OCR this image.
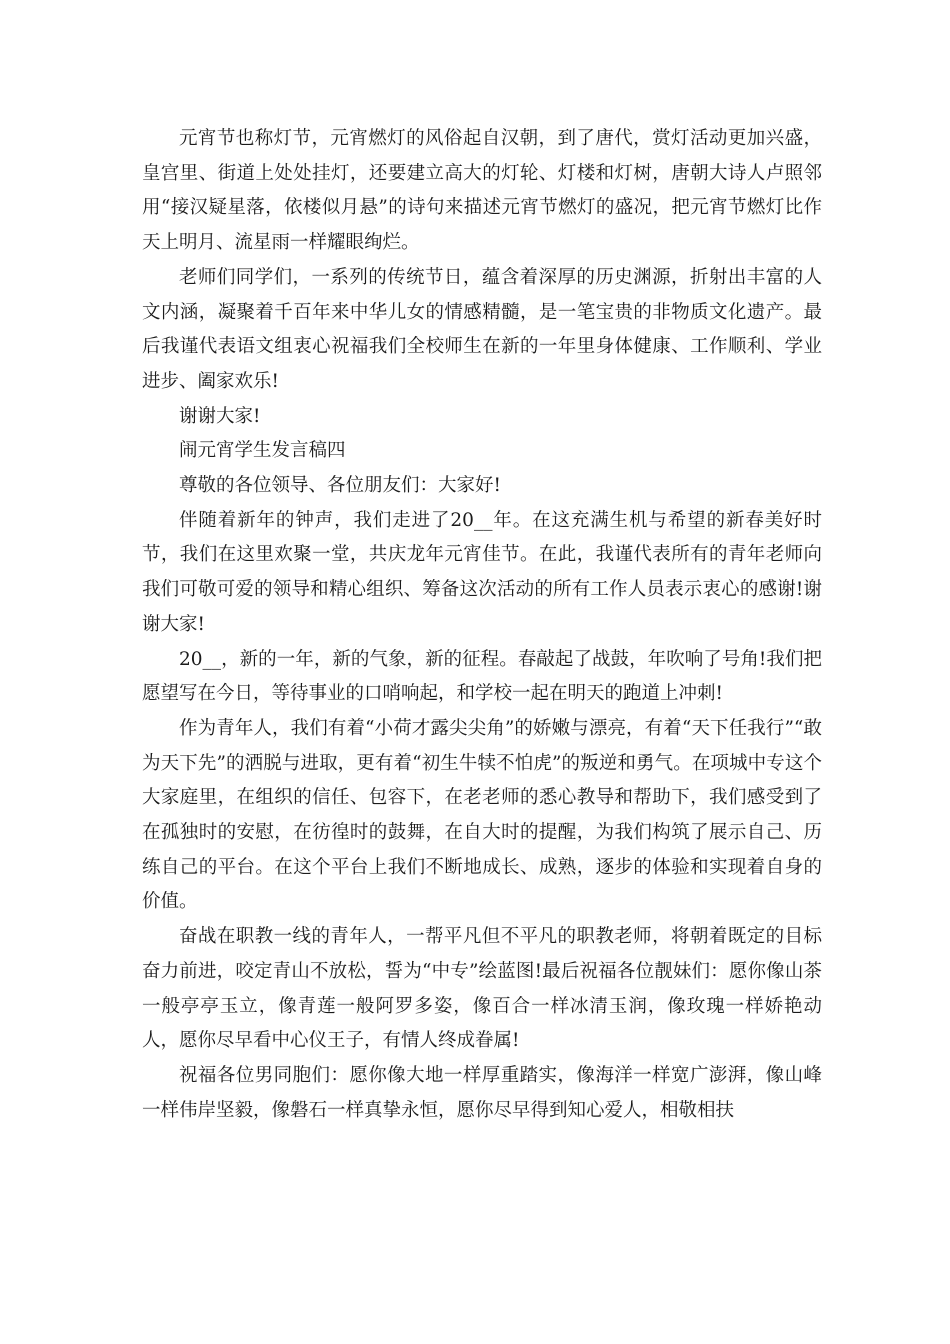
元宵节也称灯节，元宵燃灯的风俗起自汉朝，到了唐代，赏灯活动更加兴盛，皇宫里、街道上处处挂灯，还要建立高大的灯轮、灯楼和灯树，唐朝大诗人卢照邻用“接汉疑星落，依楼似月悬”的诗句来描述元宵节燃灯的盛况，把元宵节燃灯比作天上明月、流星雨一样耀眼绚烂。

老师们同学们，一系列的传统节日，蕴含着深厚的历史渊源，折射出丰富的人文内涵，凝聚着千百年来中华儿女的情感精髓，是一笔宝贵的非物质文化遗产。最后我谨代表语文组衷心祝福我们全校师生在新的一年里身体健康、工作顺利、学业进步、阖家欢乐!

谢谢大家!

闹元宵学生发言稿四

尊敬的各位领导、各位朋友们：大家好!

伴随着新年的钟声，我们走进了20__年。在这充满生机与希望的新春美好时节，我们在这里欢聚一堂，共庆龙年元宵佳节。在此，我谨代表所有的青年老师向我们可敬可爱的领导和精心组织、筹备这次活动的所有工作人员表示衷心的感谢!谢谢大家!

20__，新的一年，新的气象，新的征程。春敲起了战鼓，年吹响了号角!我们把愿望写在今日，等待事业的口哨响起，和学校一起在明天的跑道上冲刺!

作为青年人，我们有着“小荷才露尖尖角”的娇嫩与漂亮，有着“天下任我行”“敢为天下先”的洒脱与进取，更有着“初生牛犊不怕虎”的叛逆和勇气。在项城中专这个大家庭里，在组织的信任、包容下，在老老师的悉心教导和帮助下，我们感受到了在孤独时的安慰，在彷徨时的鼓舞，在自大时的提醒，为我们构筑了展示自己、历练自己的平台。在这个平台上我们不断地成长、成熟，逐步的体验和实现着自身的价值。

奋战在职教一线的青年人，一帮平凡但不平凡的职教老师，将朝着既定的目标奋力前进，咬定青山不放松，誓为“中专”绘蓝图!最后祝福各位靓妹们：愿你像山茶一般亭亭玉立，像青莲一般阿罗多姿，像百合一样冰清玉润，像玫瑰一样娇艳动人，愿你尽早看中心仪王子，有情人终成眷属!

祝福各位男同胞们：愿你像大地一样厚重踏实，像海洋一样宽广澎湃，像山峰一样伟岸坚毅，像磐石一样真挚永恒，愿你尽早得到知心爱人，相敬相扶
